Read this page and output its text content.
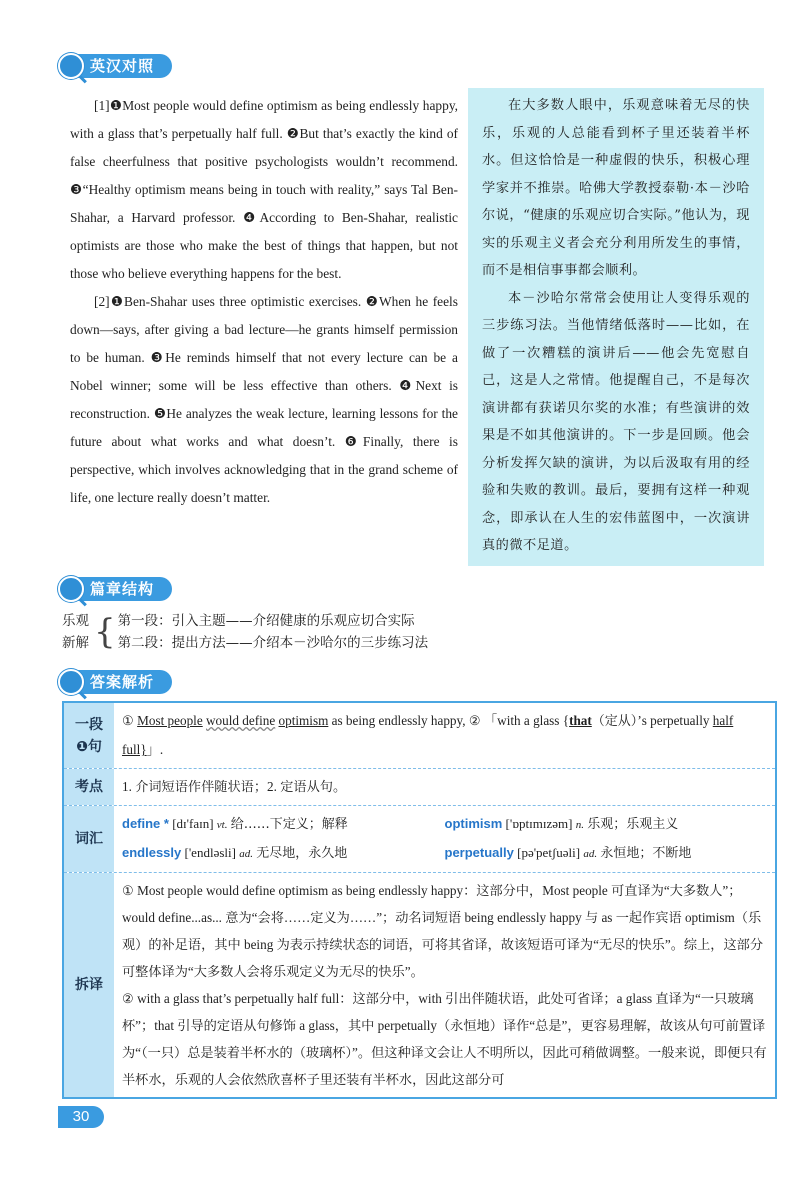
英汉对照

[1]❶Most people would define optimism as being endlessly happy, with a glass that’s perpetually half full. ❷But that’s exactly the kind of false cheerfulness that positive psychologists wouldn’t recommend. ❸“Healthy optimism means being in touch with reality,” says Tal Ben-Shahar, a Harvard professor. ❹According to Ben-Shahar, realistic optimists are those who make the best of things that happen, but not those who believe everything happens for the best.

[2]❶Ben-Shahar uses three optimistic exercises. ❷When he feels down—says, after giving a bad lecture—he grants himself permission to be human. ❸He reminds himself that not every lecture can be a Nobel winner; some will be less effective than others. ❹Next is reconstruction. ❺He analyzes the weak lecture, learning lessons for the future about what works and what doesn’t. ❻Finally, there is perspective, which involves acknowledging that in the grand scheme of life, one lecture really doesn’t matter.

在大多数人眼中，乐观意味着无尽的快乐，乐观的人总能看到杯子里还装着半杯水。但这恰恰是一种虚假的快乐，积极心理学家并不推崇。哈佛大学教授泰勒·本－沙哈尔说，“健康的乐观应切合实际。”他认为，现实的乐观主义者会充分利用所发生的事情，而不是相信事事都会顺利。

本－沙哈尔常常会使用让人变得乐观的三步练习法。当他情绪低落时——比如，在做了一次糟糕的演讲后——他会先宽慰自己，这是人之常情。他提醒自己，不是每次演讲都有获诺贝尔奖的水准；有些演讲的效果是不如其他演讲的。下一步是回顾。他会分析发挥欠缺的演讲，为以后汲取有用的经验和失败的教训。最后，要拥有这样一种观念，即承认在人生的宏伟蓝图中，一次演讲真的微不足道。

篇章结构
乐观
新解 { 第一段：引入主题——介绍健康的乐观应切合实际
第二段：提出方法——介绍本－沙哈尔的三步练习法
答案解析
一段
❶句
① Most people would define optimism as being endlessly happy, ② 「with a glass {that（定从）’s perpetually half full}」.
考点	1. 介词短语作伴随状语；2. 定语从句。
词汇
define * [dɪ'faɪn] vt. 给……下定义；解释	optimism ['ɒptɪmɪzəm] n. 乐观；乐观主义
endlessly ['endləsli] ad. 无尽地，永久地	perpetually [pə'petʃuəli] ad. 永恒地；不断地
拆译
① Most people would define optimism as being endlessly happy：这部分中，Most people 可直译为“大多数人”；would define...as... 意为“会将……定义为……”；动名词短语 being endlessly happy 与 as 一起作宾语 optimism（乐观）的补足语，其中 being 为表示持续状态的词语，可将其省译，故该短语可译为“无尽的快乐”。综上，这部分可整体译为“大多数人会将乐观定义为无尽的快乐”。
② with a glass that’s perpetually half full：这部分中，with 引出伴随状语，此处可省译；a glass 直译为“一只玻璃杯”；that 引导的定语从句修饰 a glass，其中 perpetually（永恒地）译作“总是”，更容易理解，故该从句可前置译为“（一只）总是装着半杯水的（玻璃杯）”。但这种译文会让人不明所以，因此可稍做调整。一般来说，即便只有半杯水，乐观的人会依然欣喜杯子里还装有半杯水，因此这部分可
30
